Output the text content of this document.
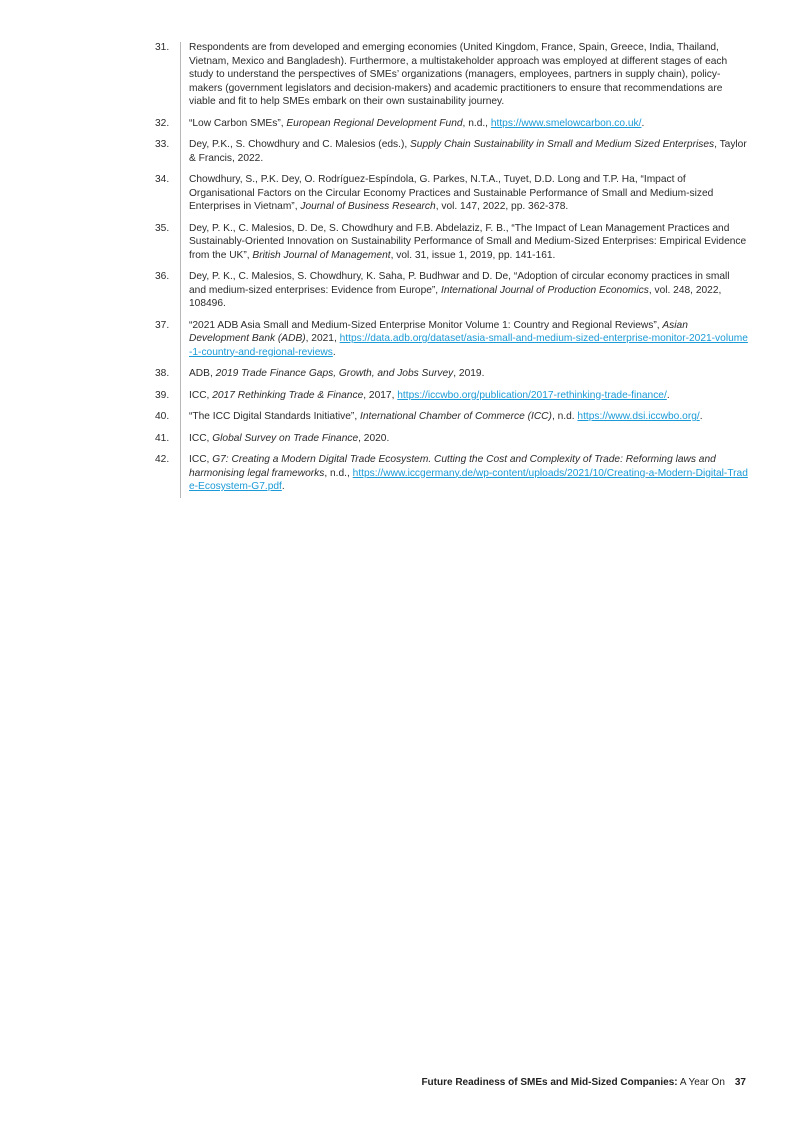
31.	Respondents are from developed and emerging economies (United Kingdom, France, Spain, Greece, India, Thailand, Vietnam, Mexico and Bangladesh). Furthermore, a multistakeholder approach was employed at different stages of each study to understand the perspectives of SMEs’ organizations (managers, employees, partners in supply chain), policy-makers (government legislators and decision-makers) and academic practitioners to ensure that recommendations are viable and fit to help SMEs embark on their own sustainability journey.
32.	“Low Carbon SMEs”, European Regional Development Fund, n.d., https://www.smelowcarbon.co.uk/.
33.	Dey, P.K., S. Chowdhury and C. Malesios (eds.), Supply Chain Sustainability in Small and Medium Sized Enterprises, Taylor & Francis, 2022.
34.	Chowdhury, S., P.K. Dey, O. Rodríguez-Espíndola, G. Parkes, N.T.A., Tuyet, D.D. Long and T.P. Ha, “Impact of Organisational Factors on the Circular Economy Practices and Sustainable Performance of Small and Medium-sized Enterprises in Vietnam”, Journal of Business Research, vol. 147, 2022, pp. 362-378.
35.	Dey, P. K., C. Malesios, D. De, S. Chowdhury and F.B. Abdelaziz, F. B., “The Impact of Lean Management Practices and Sustainably-Oriented Innovation on Sustainability Performance of Small and Medium-Sized Enterprises: Empirical Evidence from the UK”, British Journal of Management, vol. 31, issue 1, 2019, pp. 141-161.
36.	Dey, P. K., C. Malesios, S. Chowdhury, K. Saha, P. Budhwar and D. De, “Adoption of circular economy practices in small and medium-sized enterprises: Evidence from Europe”, International Journal of Production Economics, vol. 248, 2022, 108496.
37.	“2021 ADB Asia Small and Medium-Sized Enterprise Monitor Volume 1: Country and Regional Reviews”, Asian Development Bank (ADB), 2021, https://data.adb.org/dataset/asia-small-and-medium-sized-enterprise-monitor-2021-volume-1-country-and-regional-reviews.
38.	ADB, 2019 Trade Finance Gaps, Growth, and Jobs Survey, 2019.
39.	ICC, 2017 Rethinking Trade & Finance, 2017, https://iccwbo.org/publication/2017-rethinking-trade-finance/.
40.	“The ICC Digital Standards Initiative”, International Chamber of Commerce (ICC), n.d. https://www.dsi.iccwbo.org/.
41.	ICC, Global Survey on Trade Finance, 2020.
42.	ICC, G7: Creating a Modern Digital Trade Ecosystem. Cutting the Cost and Complexity of Trade: Reforming laws and harmonising legal frameworks, n.d., https://www.iccgermany.de/wp-content/uploads/2021/10/Creating-a-Modern-Digital-Trade-Ecosystem-G7.pdf.
Future Readiness of SMEs and Mid-Sized Companies: A Year On 37
